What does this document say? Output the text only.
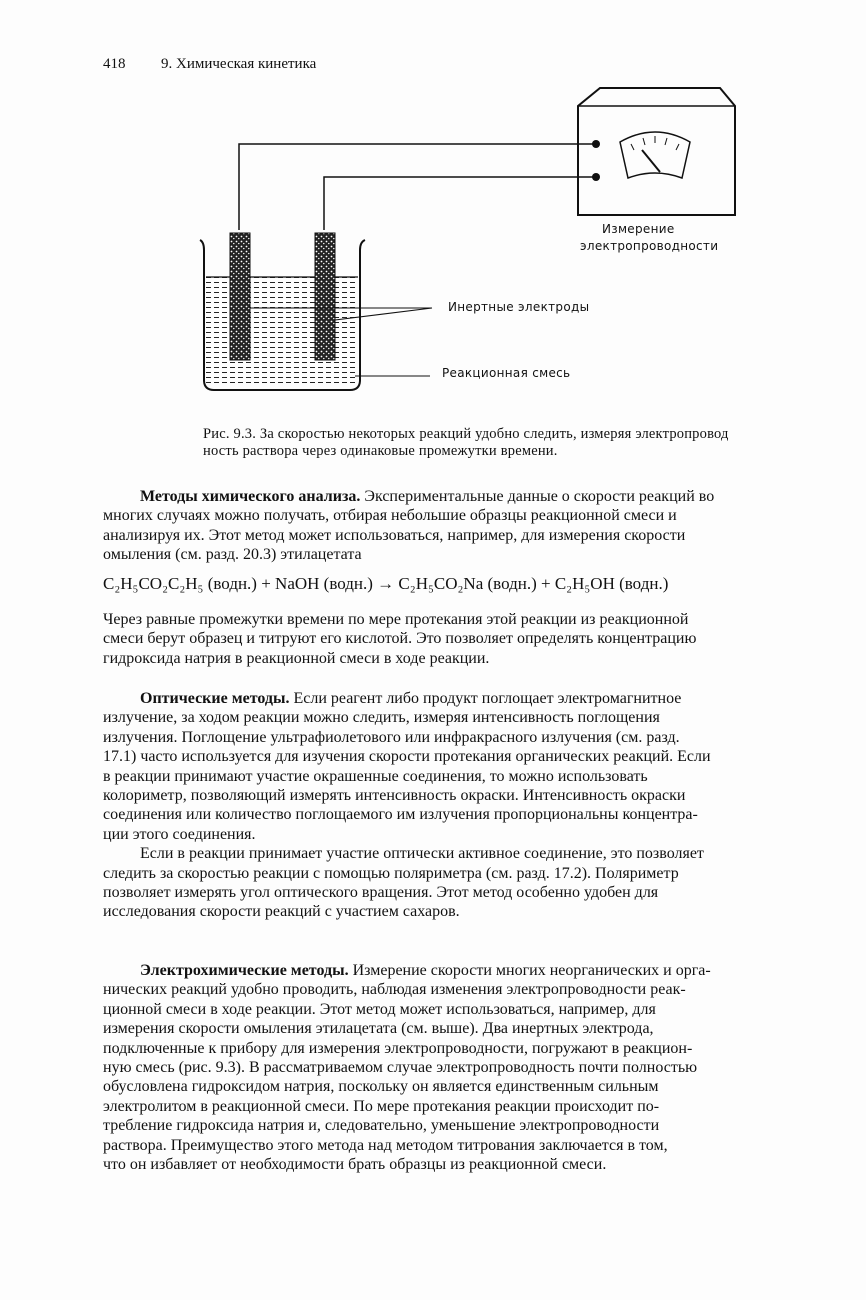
418 9. Химическая кинетика
Измерение
электропроводности
Инертные электроды
Реакционная смесь
Рис. 9.3. За скоростью некоторых реакций удобно следить, измеряя электропровод
ность раствора через одинаковые промежутки времени.
Методы химического анализа. Экспериментальные данные о скорости реакций во
многих случаях можно получать, отбирая небольшие образцы реакционной смеси и
анализируя их. Этот метод может использоваться, например, для измерения скорости
омыления (см. разд. 20.3) этилацетата
C₂H₅CO₂C₂H₅ (водн.) + NaOH (водн.) → C₂H₅CO₂Na (водн.) + C₂H₅OH (водн.)
Через равные промежутки времени по мере протекания этой реакции из реакционной
смеси берут образец и титруют его кислотой. Это позволяет определять концентрацию
гидроксида натрия в реакционной смеси в ходе реакции.
Оптические методы. Если реагент либо продукт поглощает электромагнитное
излучение, за ходом реакции можно следить, измеряя интенсивность поглощения
излучения. Поглощение ультрафиолетового или инфракрасного излучения (см. разд.
17.1) часто используется для изучения скорости протекания органических реакций. Если
в реакции принимают участие окрашенные соединения, то можно использовать
колориметр, позволяющий измерять интенсивность окраски. Интенсивность окраски
соединения или количество поглощаемого им излучения пропорциональны концентра-
ции этого соединения.
Если в реакции принимает участие оптически активное соединение, это позволяет
следить за скоростью реакции с помощью поляриметра (см. разд. 17.2). Поляриметр
позволяет измерять угол оптического вращения. Этот метод особенно удобен для
исследования скорости реакций с участием сахаров.
Электрохимические методы. Измерение скорости многих неорганических и орга-
нических реакций удобно проводить, наблюдая изменения электропроводности реак-
ционной смеси в ходе реакции. Этот метод может использоваться, например, для
измерения скорости омыления этилацетата (см. выше). Два инертных электрода,
подключенные к прибору для измерения электропроводности, погружают в реакцион-
ную смесь (рис. 9.3). В рассматриваемом случае электропроводность почти полностью
обусловлена гидроксидом натрия, поскольку он является единственным сильным
электролитом в реакционной смеси. По мере протекания реакции происходит по-
требление гидроксида натрия и, следовательно, уменьшение электропроводности
раствора. Преимущество этого метода над методом титрования заключается в том,
что он избавляет от необходимости брать образцы из реакционной смеси.
